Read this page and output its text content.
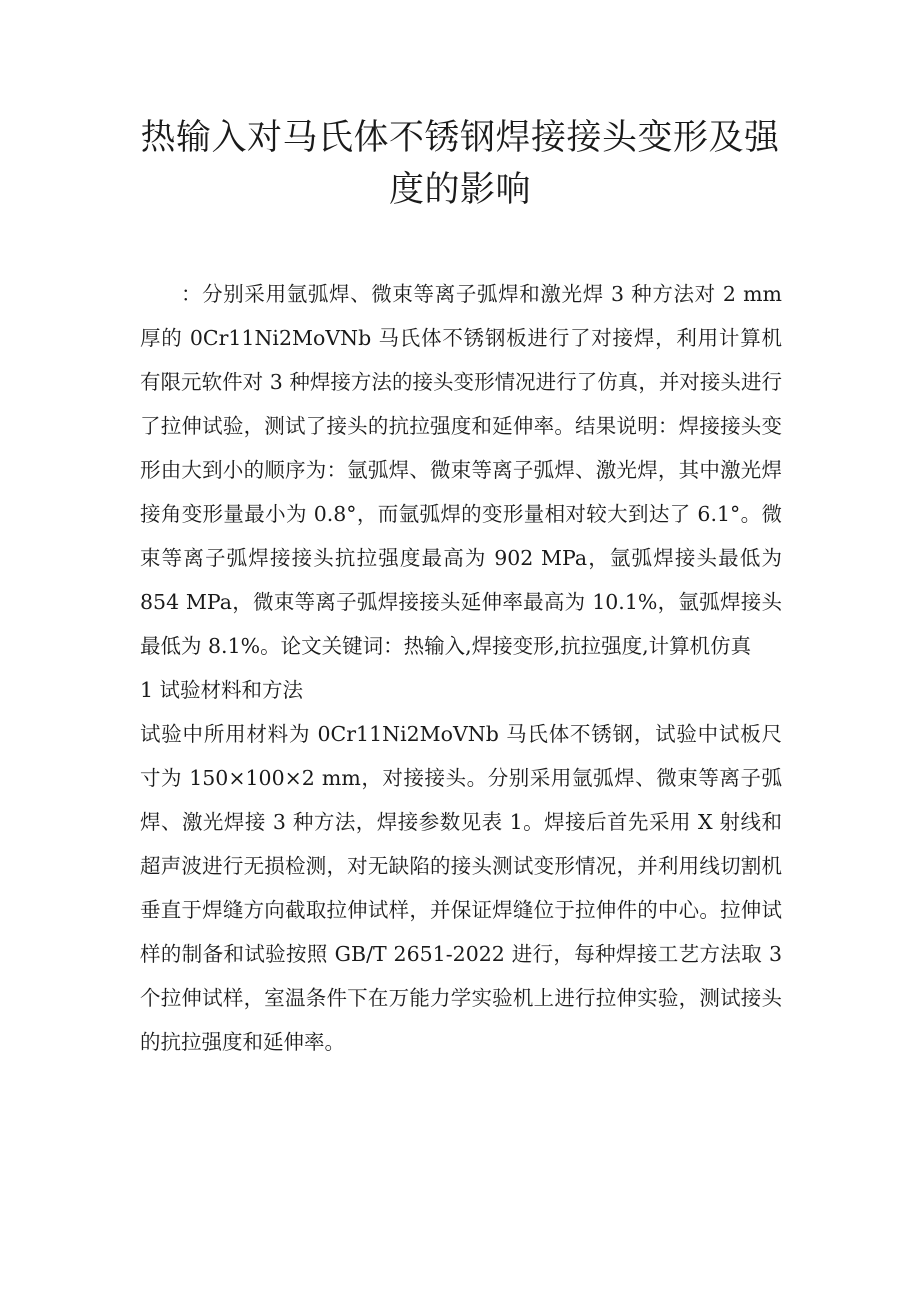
热输入对马氏体不锈钢焊接接头变形及强度的影响

：分别采用氩弧焊、微束等离子弧焊和激光焊 3 种方法对 2 mm 厚的 0Cr11Ni2MoVNb 马氏体不锈钢板进行了对接焊，利用计算机有限元软件对 3 种焊接方法的接头变形情况进行了仿真，并对接头进行了拉伸试验，测试了接头的抗拉强度和延伸率。结果说明：焊接接头变形由大到小的顺序为：氩弧焊、微束等离子弧焊、激光焊，其中激光焊接角变形量最小为 0.8°，而氩弧焊的变形量相对较大到达了 6.1°。微束等离子弧焊接接头抗拉强度最高为 902 MPa，氩弧焊接头最低为 854 MPa，微束等离子弧焊接接头延伸率最高为 10.1%，氩弧焊接头最低为 8.1%。论文关键词：热输入,焊接变形,抗拉强度,计算机仿真

1 试验材料和方法

试验中所用材料为 0Cr11Ni2MoVNb 马氏体不锈钢，试验中试板尺寸为 150×100×2 mm，对接接头。分别采用氩弧焊、微束等离子弧焊、激光焊接 3 种方法，焊接参数见表 1。焊接后首先采用 X 射线和超声波进行无损检测，对无缺陷的接头测试变形情况，并利用线切割机垂直于焊缝方向截取拉伸试样，并保证焊缝位于拉伸件的中心。拉伸试样的制备和试验按照 GB/T 2651-2022 进行，每种焊接工艺方法取 3 个拉伸试样，室温条件下在万能力学实验机上进行拉伸实验，测试接头的抗拉强度和延伸率。
